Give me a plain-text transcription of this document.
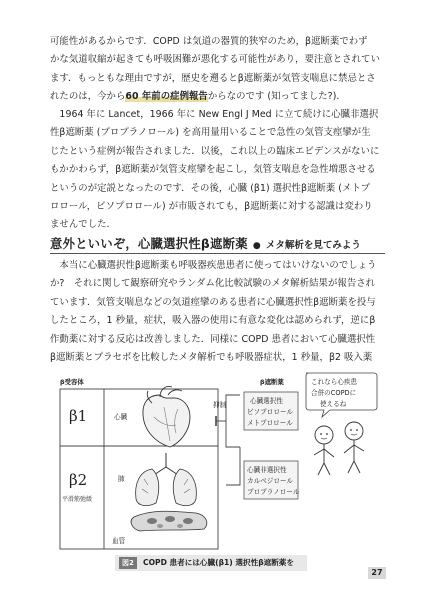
可能性があるからです．COPD は気道の器質的狭窄のため，β遮断薬でわず
かな気道収縮が起きても呼吸困難が悪化する可能性があり，要注意とされてい
ます．もっともな理由ですが，歴史を遡るとβ遮断薬が気管支喘息に禁忌とさ
れたのは，今から60 年前の症例報告からなのです (知ってました?).
　1964 年に Lancet，1966 年に New Engl J Med に立て続けに心臓非選択
性β遮断薬 (プロプラノロール) を高用量用いることで急性の気管支痙攣が生
じたという症例が報告されました．以後，これ以上の臨床エビデンスがないに
もかかわらず，β遮断薬が気管支痙攣を起こし，気管支喘息を急性増悪させる
というのが定説となったのです．その後，心臓 (β1) 選択性β遮断薬 (メトプ
ロロール，ビソプロロール) が市販されても，β遮断薬に対する認識は変わり
ませんでした．
意外といいぞ，心臓選択性β遮断薬 ● メタ解析を見てみよう
　本当に心臓選択性β遮断薬も呼吸器疾患患者に使ってはいけないのでしょう
か?　それに関して観察研究やランダム化比較試験のメタ解析結果が報告され
ています．気管支喘息などの気道痙攣のある患者に心臓選択性β遮断薬を投与
したところ，1 秒量，症状，吸入器の使用に有意な変化は認められず，逆にβ
作動薬に対する反応は改善しました．同様に COPD 患者において心臓選択性
β遮断薬とプラセボを比較したメタ解析でも呼吸器症状，1 秒量，β2 吸入薬
β受容体	β遮断薬
β1
β2
平滑筋弛緩
心臓
肺
血管
抑制	心臓選択性
ビソプロロール
メトプロロール
心臓非選択性
カルベジロール
プロプラノロール
これなら心疾患
合併のCOPDに
使えるね
図2	COPD 患者には心臓(β1) 選択性β遮断薬を
27
